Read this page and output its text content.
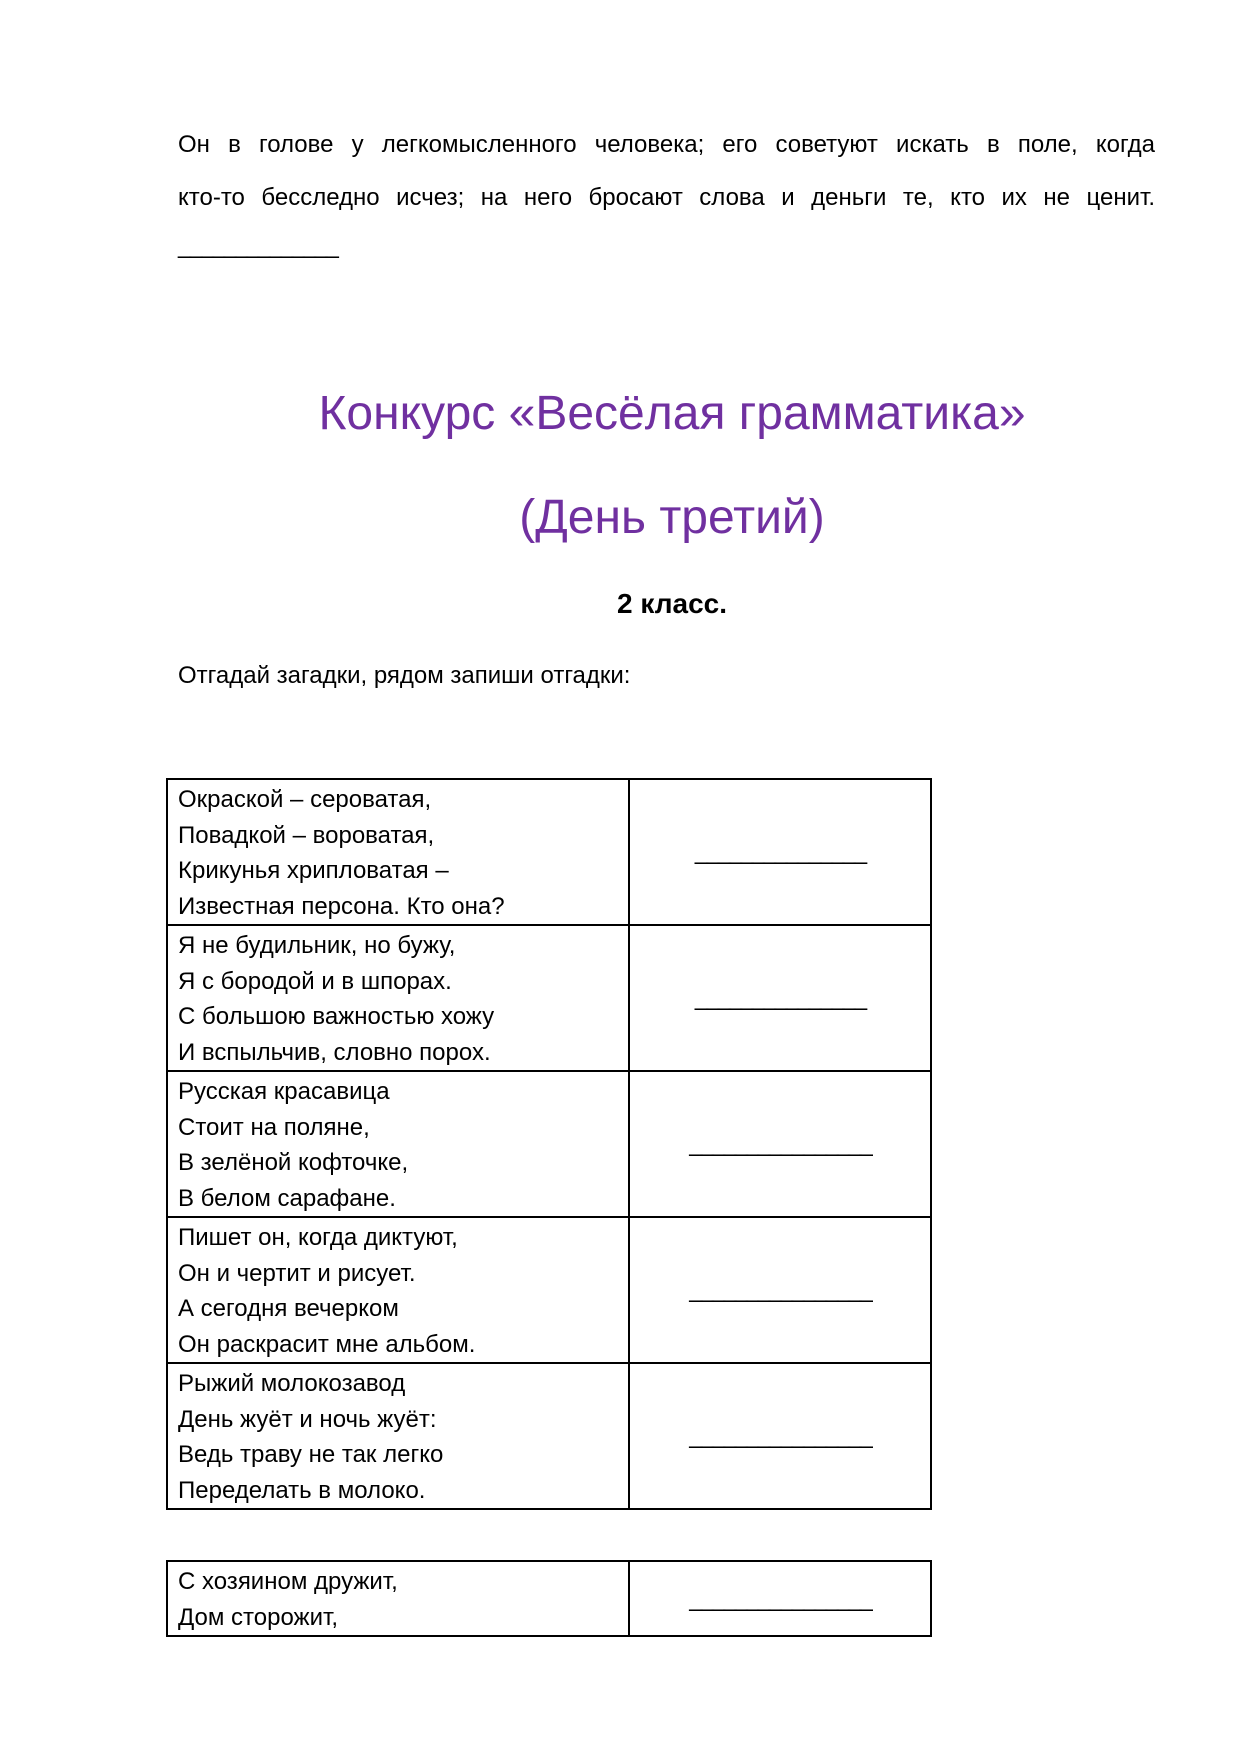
Он в голове у легкомысленного человека; его советуют искать в поле, когда
кто-то бесследно исчез; на него бросают слова и деньги те, кто их не ценит.
______________
Конкурс «Весёлая грамматика»
(День третий)
2 класс.
Отгадай загадки, рядом запиши отгадки:
Окраской – сероватая,
Повадкой – вороватая,
Крикунья хрипловатая –
Известная персона. Кто она?	_______________

Я не будильник, но бужу,
Я с бородой и в шпорах.
С большою важностью хожу
И вспыльчив, словно порох.	_______________

Русская красавица
Стоит на поляне,
В зелёной кофточке,
В белом сарафане.	________________

Пишет он, когда диктуют,
Он и чертит и рисует.
А сегодня вечерком
Он раскрасит мне альбом.	________________

Рыжий молокозавод
День жуёт и ночь жуёт:
Ведь траву не так легко
Переделать в молоко.	________________
С хозяином дружит,
Дом сторожит,
	________________
